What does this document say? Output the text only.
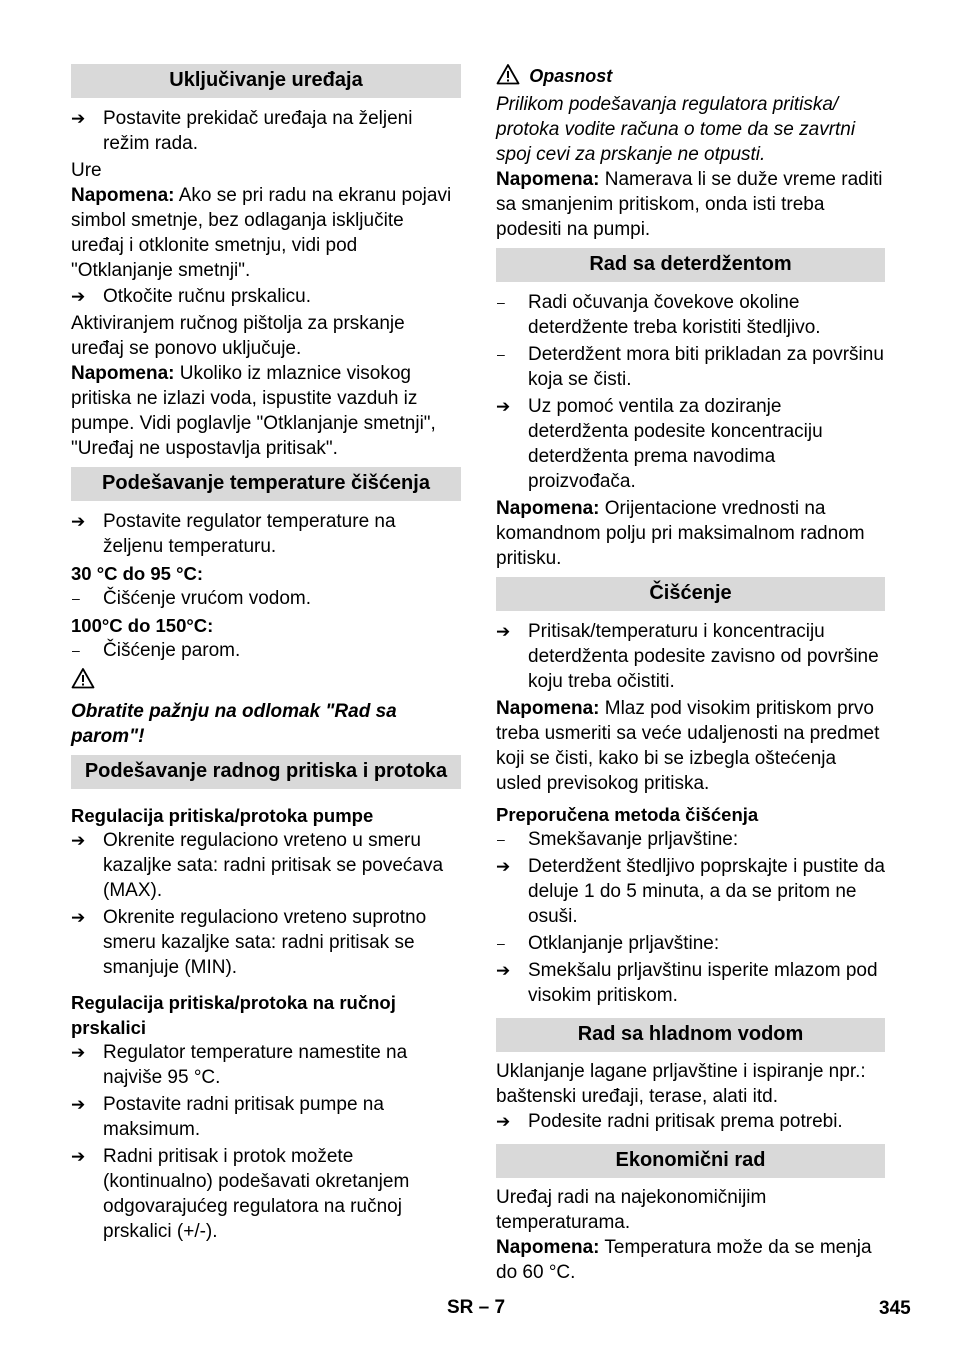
Uključivanje uređaja
➔ Postavite prekidač uređaja na željeni režim rada.
Ure
Napomena: Ako se pri radu na ekranu pojavi simbol smetnje, bez odlaganja isključite uređaj i otklonite smetnju, vidi pod "Otklanjanje smetnji".
➔ Otkočite ručnu prskalicu.
Aktiviranjem ručnog pištolja za prskanje uređaj se ponovo uključuje.
Napomena: Ukoliko iz mlaznice visokog pritiska ne izlazi voda, ispustite vazduh iz pumpe. Vidi poglavlje "Otklanjanje smetnji", "Uređaj ne uspostavlja pritisak".
Podešavanje temperature čišćenja
➔ Postavite regulator temperature na željenu temperaturu.
30 °C do 95 °C:
–	Čišćenje vrućom vodom.
100°C do 150°C:
–	Čišćenje parom.
Obratite pažnju na odlomak "Rad sa parom"!
Podešavanje radnog pritiska i protoka
Regulacija pritiska/protoka pumpe
➔ Okrenite regulaciono vreteno u smeru kazaljke sata: radni pritisak se povećava (MAX).
➔ Okrenite regulaciono vreteno suprotno smeru kazaljke sata: radni pritisak se smanjuje (MIN).
Regulacija pritiska/protoka na ručnoj prskalici
➔ Regulator temperature namestite na najviše 95 °C.
➔ Postavite radni pritisak pumpe na maksimum.
➔ Radni pritisak i protok možete (kontinualno) podešavati okretanjem odgovarajućeg regulatora na ručnoj prskalici (+/-).
Opasnost
Prilikom podešavanja regulatora pritiska/ protoka vodite računa o tome da se zavrtni spoj cevi za prskanje ne otpusti.
Napomena: Namerava li se duže vreme raditi sa smanjenim pritiskom, onda isti treba podesiti na pumpi.
Rad sa deterdžentom
–	Radi očuvanja čovekove okoline deterdžente treba koristiti štedljivo.
–	Deterdžent mora biti prikladan za površinu koja se čisti.
➔ Uz pomoć ventila za doziranje deterdženta podesite koncentraciju deterdženta prema navodima proizvođača.
Napomena: Orijentacione vrednosti na komandnom polju pri maksimalnom radnom pritisku.
Čišćenje
➔ Pritisak/temperaturu i koncentraciju deterdženta podesite zavisno od površine koju treba očistiti.
Napomena: Mlaz pod visokim pritiskom prvo treba usmeriti sa veće udaljenosti na predmet koji se čisti, kako bi se izbegla oštećenja usled previsokog pritiska.
Preporučena metoda čišćenja
–	Smekšavanje prljavštine:
➔ Deterdžent štedljivo poprskajte i pustite da deluje 1 do 5 minuta, a da se pritom ne osuši.
–	Otklanjanje prljavštine:
➔ Smekšalu prljavštinu isperite mlazom pod visokim pritiskom.
Rad sa hladnom vodom
Uklanjanje lagane prljavštine i ispiranje npr.: baštenski uređaji, terase, alati itd.
➔ Podesite radni pritisak prema potrebi.
Ekonomični rad
Uređaj radi na najekonomičnijim temperaturama.
Napomena: Temperatura može da se menja do 60 °C.
SR – 7	345
